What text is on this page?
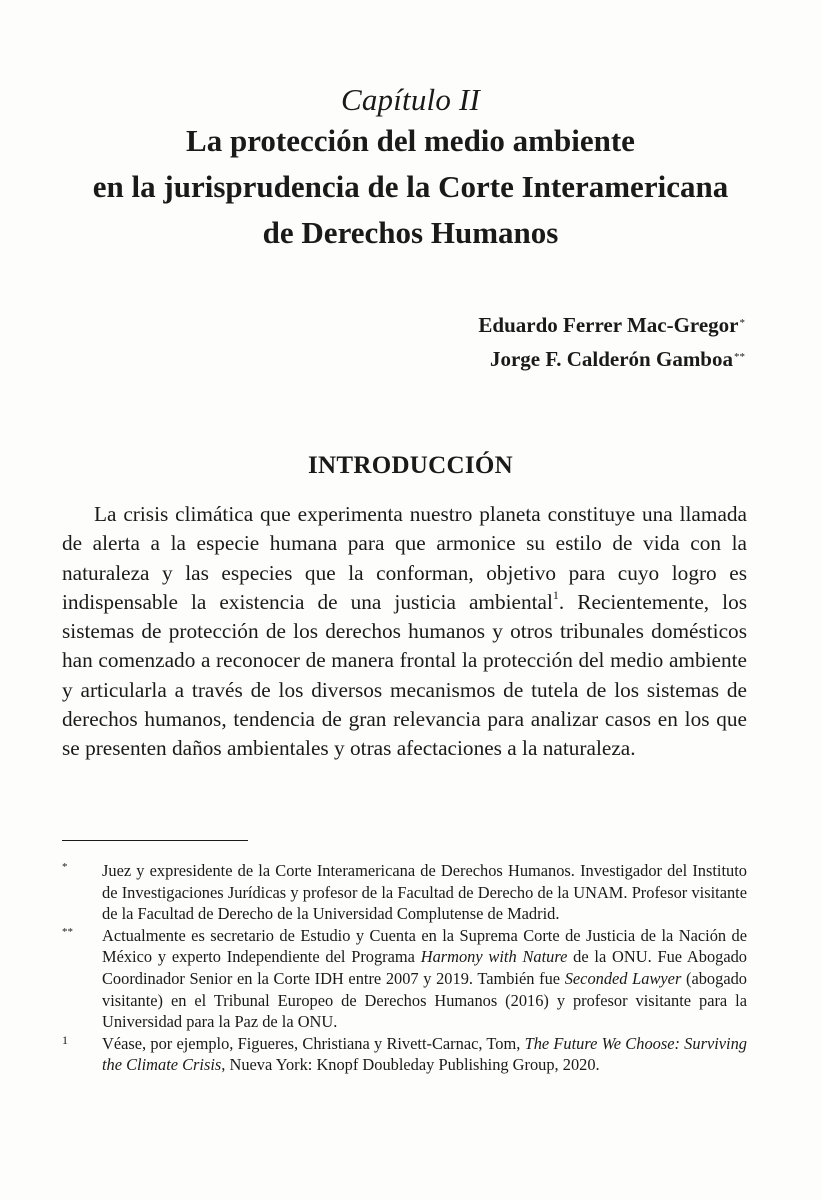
Capítulo II
La protección del medio ambiente
en la jurisprudencia de la Corte Interamericana
de Derechos Humanos
Eduardo Ferrer Mac-Gregor*
Jorge F. Calderón Gamboa**
INTRODUCCIÓN

La crisis climática que experimenta nuestro planeta constituye una llamada de alerta a la especie humana para que armonice su estilo de vida con la naturaleza y las especies que la conforman, objetivo para cuyo logro es indispensable la existencia de una justicia ambiental$^1$. Recientemente, los sistemas de protección de los derechos humanos y otros tribunales domésticos han comenzado a reconocer de manera frontal la protección del medio ambiente y articularla a través de los diversos mecanismos de tutela de los sistemas de derechos humanos, tendencia de gran relevancia para analizar casos en los que se presenten daños ambientales y otras afectaciones a la naturaleza.

* Juez y expresidente de la Corte Interamericana de Derechos Humanos. Investigador del Instituto de Investigaciones Jurídicas y profesor de la Facultad de Derecho de la UNAM. Profesor visitante de la Facultad de Derecho de la Universidad Complutense de Madrid.
** Actualmente es secretario de Estudio y Cuenta en la Suprema Corte de Justicia de la Nación de México y experto Independiente del Programa Harmony with Nature de la ONU. Fue Abogado Coordinador Senior en la Corte IDH entre 2007 y 2019. También fue Seconded Lawyer (abogado visitante) en el Tribunal Europeo de Derechos Humanos (2016) y profesor visitante para la Universidad para la Paz de la ONU.
1 Véase, por ejemplo, Figueres, Christiana y Rivett-Carnac, Tom, The Future We Choose: Surviving the Climate Crisis, Nueva York: Knopf Doubleday Publishing Group, 2020.
